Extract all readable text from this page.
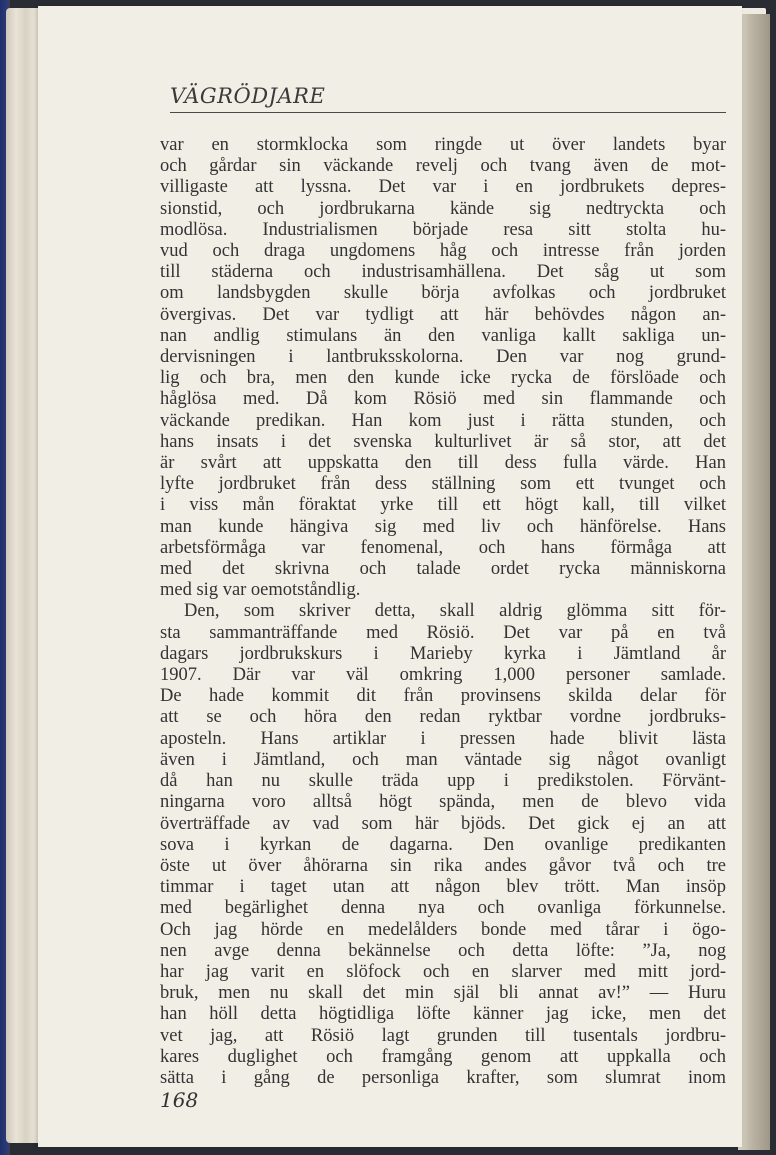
VÄGRÖDJARE
var en stormklocka som ringde ut över landets byar
och gårdar sin väckande revelj och tvang även de mot-
villigaste att lyssna. Det var i en jordbrukets depres-
sionstid, och jordbrukarna kände sig nedtryckta och
modlösa. Industrialismen började resa sitt stolta hu-
vud och draga ungdomens håg och intresse från jorden
till städerna och industrisamhällena. Det såg ut som
om landsbygden skulle börja avfolkas och jordbruket
övergivas. Det var tydligt att här behövdes någon an-
nan andlig stimulans än den vanliga kallt sakliga un-
dervisningen i lantbruksskolorna. Den var nog grund-
lig och bra, men den kunde icke rycka de förslöade och
håglösa med. Då kom Rösiö med sin flammande och
väckande predikan. Han kom just i rätta stunden, och
hans insats i det svenska kulturlivet är så stor, att det
är svårt att uppskatta den till dess fulla värde. Han
lyfte jordbruket från dess ställning som ett tvunget och
i viss mån föraktat yrke till ett högt kall, till vilket
man kunde hängiva sig med liv och hänförelse. Hans
arbetsförmåga var fenomenal, och hans förmåga att
med det skrivna och talade ordet rycka människorna
med sig var oemotståndlig.
Den, som skriver detta, skall aldrig glömma sitt för-
sta sammanträffande med Rösiö. Det var på en två
dagars jordbrukskurs i Marieby kyrka i Jämtland år
1907. Där var väl omkring 1,000 personer samlade.
De hade kommit dit från provinsens skilda delar för
att se och höra den redan ryktbar vordne jordbruks-
aposteln. Hans artiklar i pressen hade blivit lästa
även i Jämtland, och man väntade sig något ovanligt
då han nu skulle träda upp i predikstolen. Förvänt-
ningarna voro alltså högt spända, men de blevo vida
överträffade av vad som här bjöds. Det gick ej an att
sova i kyrkan de dagarna. Den ovanlige predikanten
öste ut över åhörarna sin rika andes gåvor två och tre
timmar i taget utan att någon blev trött. Man insöp
med begärlighet denna nya och ovanliga förkunnelse.
Och jag hörde en medelålders bonde med tårar i ögo-
nen avge denna bekännelse och detta löfte: ”Ja, nog
har jag varit en slöfock och en slarver med mitt jord-
bruk, men nu skall det min själ bli annat av!” — Huru
han höll detta högtidliga löfte känner jag icke, men det
vet jag, att Rösiö lagt grunden till tusentals jordbru-
kares duglighet och framgång genom att uppkalla och
sätta i gång de personliga krafter, som slumrat inom
168
